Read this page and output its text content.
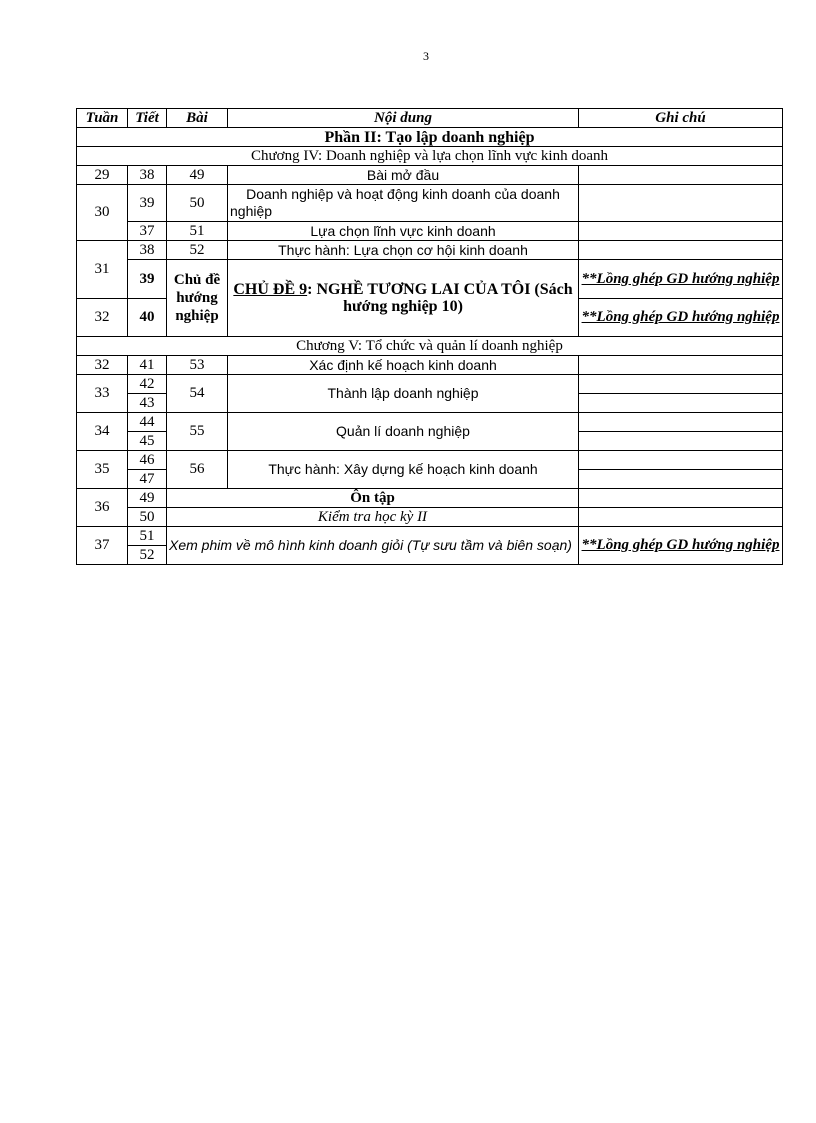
3
Tuần	Tiết	Bài	Nội dung	Ghi chú
Phần II: Tạo lập doanh nghiệp				
Chương IV: Doanh nghiệp và lựa chọn lĩnh vực kinh doanh				
29	38	49	Bài mở đầu	
30	39	50	Doanh nghiệp và hoạt động kinh doanh của doanh nghiệp	
	37	51	Lựa chọn lĩnh vực kinh doanh	
31	38	52	Thực hành: Lựa chọn cơ hội kinh doanh	
	39	Chủ đề hướng nghiệp	CHỦ ĐỀ 9: NGHỀ TƯƠNG LAI CỦA TÔI (Sách hướng nghiệp 10)	**Lồng ghép GD hướng nghiệp
32	40			**Lồng ghép GD hướng nghiệp
Chương V: Tổ chức và quản lí doanh nghiệp				
32	41	53	Xác định kế hoạch kinh doanh	
33	42	54	Thành lập doanh nghiệp	
	43			
34	44	55	Quản lí doanh nghiệp	
	45			
35	46	56	Thực hành: Xây dựng kế hoạch kinh doanh	
	47			
36	49	Ôn tập		
	50	Kiểm tra học kỳ II		
37	51	Xem phim về mô hình kinh doanh giỏi (Tự sưu tầm và biên soạn)		**Lồng ghép GD hướng nghiệp
	52			
